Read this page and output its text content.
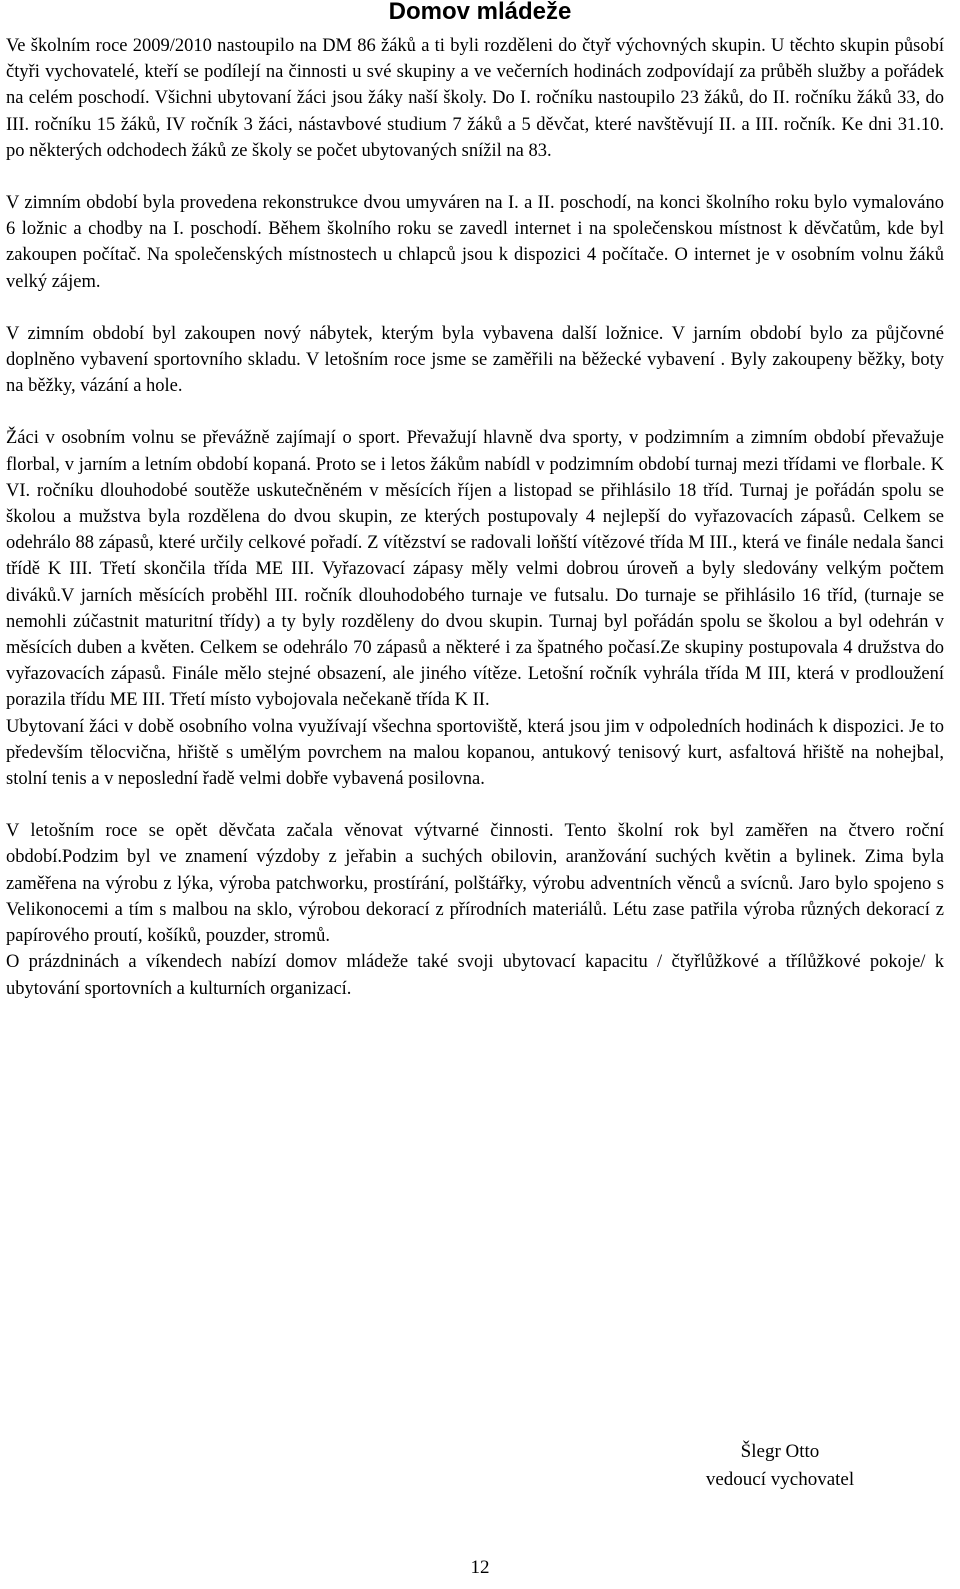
Domov mládeže

Ve školním roce 2009/2010 nastoupilo na DM 86 žáků a ti byli rozděleni do čtyř výchovných skupin. U těchto skupin působí čtyři vychovatelé, kteří se podílejí na činnosti u své skupiny a ve večerních hodinách zodpovídají za průběh služby a pořádek na celém poschodí. Všichni ubytovaní žáci jsou žáky naší školy. Do I. ročníku nastoupilo 23 žáků, do II. ročníku žáků 33, do III. ročníku 15 žáků, IV ročník 3 žáci, nástavbové studium 7 žáků a 5 děvčat, které navštěvují II. a III. ročník. Ke dni 31.10. po některých odchodech žáků ze školy se počet ubytovaných snížil na 83.

V zimním období byla provedena rekonstrukce dvou umyváren na I. a II. poschodí, na konci školního roku bylo vymalováno 6 ložnic a chodby na I. poschodí. Během školního roku se zavedl internet i na společenskou místnost k děvčatům, kde byl zakoupen počítač. Na společenských místnostech u chlapců jsou k dispozici 4 počítače. O internet je v osobním volnu žáků velký zájem.

V zimním období byl zakoupen nový nábytek, kterým byla vybavena další ložnice. V jarním období bylo za půjčovné doplněno vybavení sportovního skladu. V letošním roce jsme se zaměřili na běžecké vybavení . Byly zakoupeny běžky, boty na běžky, vázání a hole.

Žáci v osobním volnu se převážně zajímají o sport. Převažují hlavně dva sporty, v podzimním a zimním období převažuje florbal, v jarním a letním období kopaná. Proto se i letos žákům nabídl v podzimním období turnaj mezi třídami ve florbale. K VI. ročníku dlouhodobé soutěže uskutečněném v měsících říjen a listopad se přihlásilo 18 tříd. Turnaj je pořádán spolu se školou a mužstva byla rozdělena do dvou skupin, ze kterých postupovaly 4 nejlepší do vyřazovacích zápasů. Celkem se odehrálo 88 zápasů, které určily celkové pořadí. Z vítězství se radovali loňští vítězové třída M III., která ve finále nedala šanci třídě K III. Třetí skončila třída ME III. Vyřazovací zápasy měly velmi dobrou úroveň a byly sledovány velkým počtem diváků.V jarních měsících proběhl III. ročník dlouhodobého turnaje ve futsalu. Do turnaje se přihlásilo 16 tříd, (turnaje se nemohli zúčastnit maturitní třídy) a ty byly rozděleny do dvou skupin. Turnaj byl pořádán spolu se školou a byl odehrán v měsících duben a květen. Celkem se odehrálo 70 zápasů a některé i za špatného počasí.Ze skupiny postupovala 4 družstva do vyřazovacích zápasů. Finále mělo stejné obsazení, ale jiného vítěze. Letošní ročník vyhrála třída M III, která v prodloužení porazila třídu ME III. Třetí místo vybojovala nečekaně třída K II.

Ubytovaní žáci v době osobního volna využívají všechna sportoviště, která jsou jim v odpoledních hodinách k dispozici. Je to především tělocvična, hřiště s umělým povrchem na malou kopanou, antukový tenisový kurt, asfaltová hřiště na nohejbal, stolní tenis a v neposlední řadě velmi dobře vybavená posilovna.

V letošním roce se opět děvčata začala věnovat výtvarné činnosti. Tento školní rok byl zaměřen na čtvero roční období.Podzim byl ve znamení výzdoby z jeřabin a suchých obilovin, aranžování suchých květin a bylinek. Zima byla zaměřena na výrobu z lýka, výroba patchworku, prostírání, polštářky, výrobu adventních věnců a svícnů. Jaro bylo spojeno s Velikonocemi a tím s malbou na sklo, výrobou dekorací z přírodních materiálů. Létu zase patřila výroba různých dekorací z papírového proutí, košíků, pouzder, stromů.

O prázdninách a víkendech nabízí domov mládeže také svoji ubytovací kapacitu / čtyřlůžkové a třílůžkové pokoje/ k ubytování sportovních a kulturních organizací.

Šlegr Otto
vedoucí vychovatel
12
